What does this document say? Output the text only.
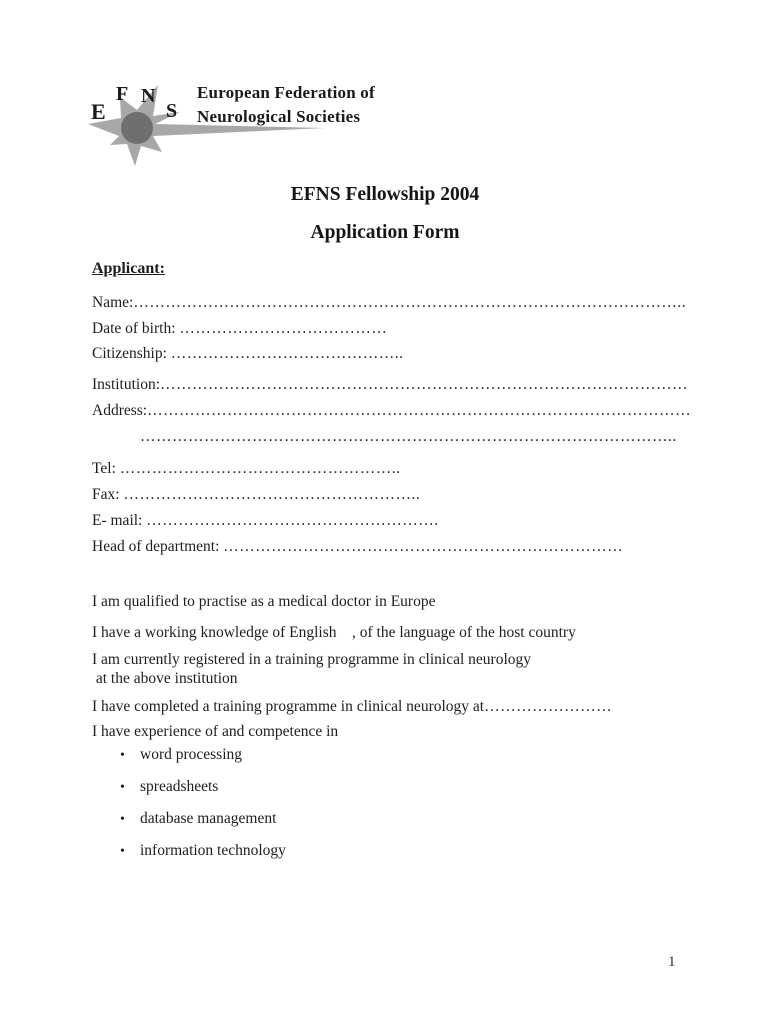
E
F N
S
European Federation of
Neurological Societies
EFNS Fellowship 2004
Application Form
Applicant:
Name:…………………………………………………………………………………………..
Date of birth: …………………………………
Citizenship: ……………………………………..
Institution:………………………………………………………………………………………
Address:…………………………………………………………………………………………
………………………………………………………………………………………..
Tel: ……………………………………………..
Fax: ………………………………………………..
E- mail: ……………………………………………….
Head of department: …………………………………………………………………
I am qualified to practise as a medical doctor in Europe
I have a working knowledge of English    , of the language of the host country
I am currently registered in a training programme in clinical neurology
at the above institution
I have completed a training programme in clinical neurology at……………………
I have experience of and competence in
• word processing
• spreadsheets
• database management
• information technology
1
